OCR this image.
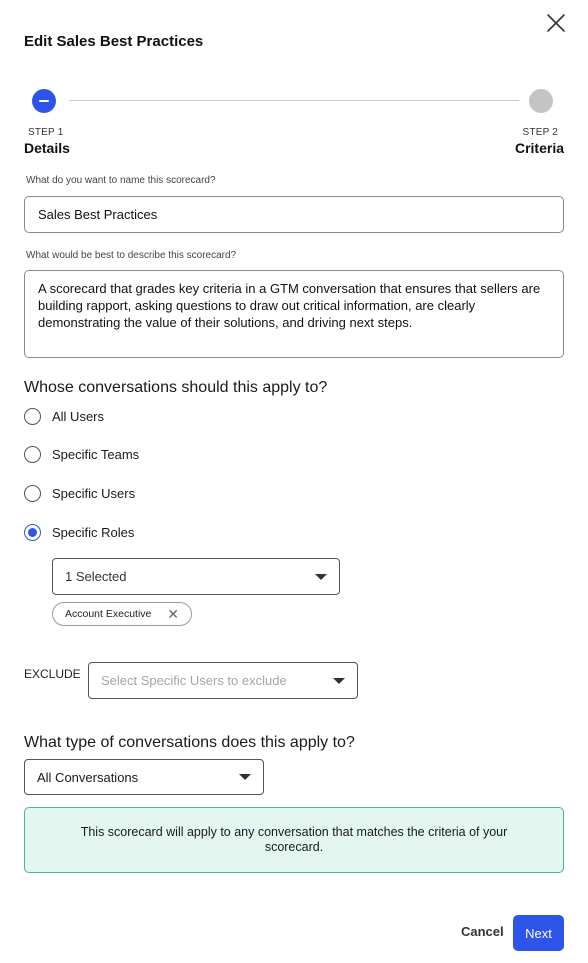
Edit Sales Best Practices
STEP 1
Details
STEP 2
Criteria
What do you want to name this scorecard?
Sales Best Practices
What would be best to describe this scorecard?
A scorecard that grades key criteria in a GTM conversation that ensures that sellers are building rapport, asking questions to draw out critical information, are clearly demonstrating the value of their solutions, and driving next steps.
Whose conversations should this apply to?
All Users
Specific Teams
Specific Users
Specific Roles
1 Selected
Account Executive ✕
EXCLUDE Select Specific Users to exclude
What type of conversations does this apply to?
All Conversations
This scorecard will apply to any conversation that matches the criteria of your scorecard.
Cancel	Next
